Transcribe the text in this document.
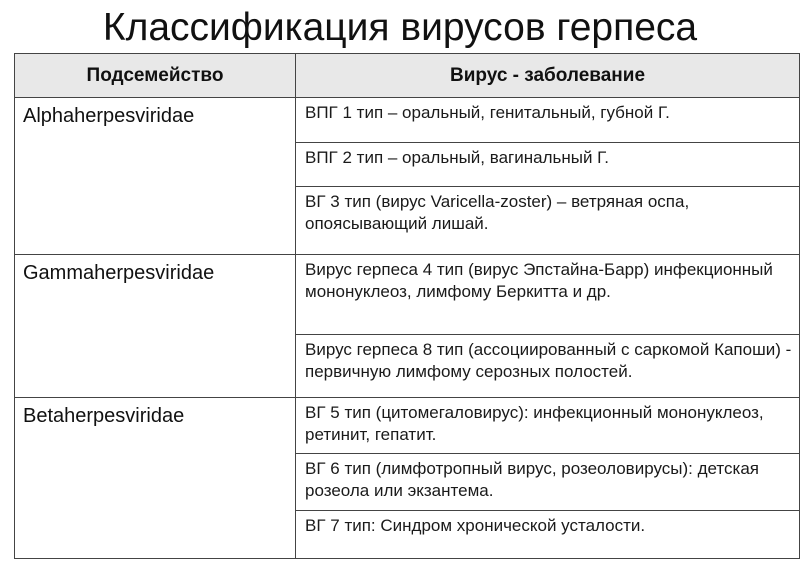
Классификация вирусов герпеса
Подсемейство	Вирус - заболевание
Alphaherpesviridae	ВПГ 1 тип – оральный, генитальный, губной Г.
	ВПГ 2 тип – оральный, вагинальный Г.
	ВГ 3 тип (вирус Varicella-zoster) – ветряная оспа, опоясывающий лишай.
Gammaherpesviridae	Вирус герпеса 4 тип (вирус Эпстайна-Барр) инфекционный мононуклеоз, лимфому Беркитта и др.
	Вирус герпеса 8 тип (ассоциированный с саркомой Капоши) - первичную лимфому серозных полостей.
Betaherpesviridae	ВГ 5 тип (цитомегаловирус): инфекционный мононуклеоз, ретинит, гепатит.
	ВГ 6 тип (лимфотропный вирус, розеоловирусы): детская розеола или экзантема.
	ВГ 7 тип: Синдром хронической усталости.
